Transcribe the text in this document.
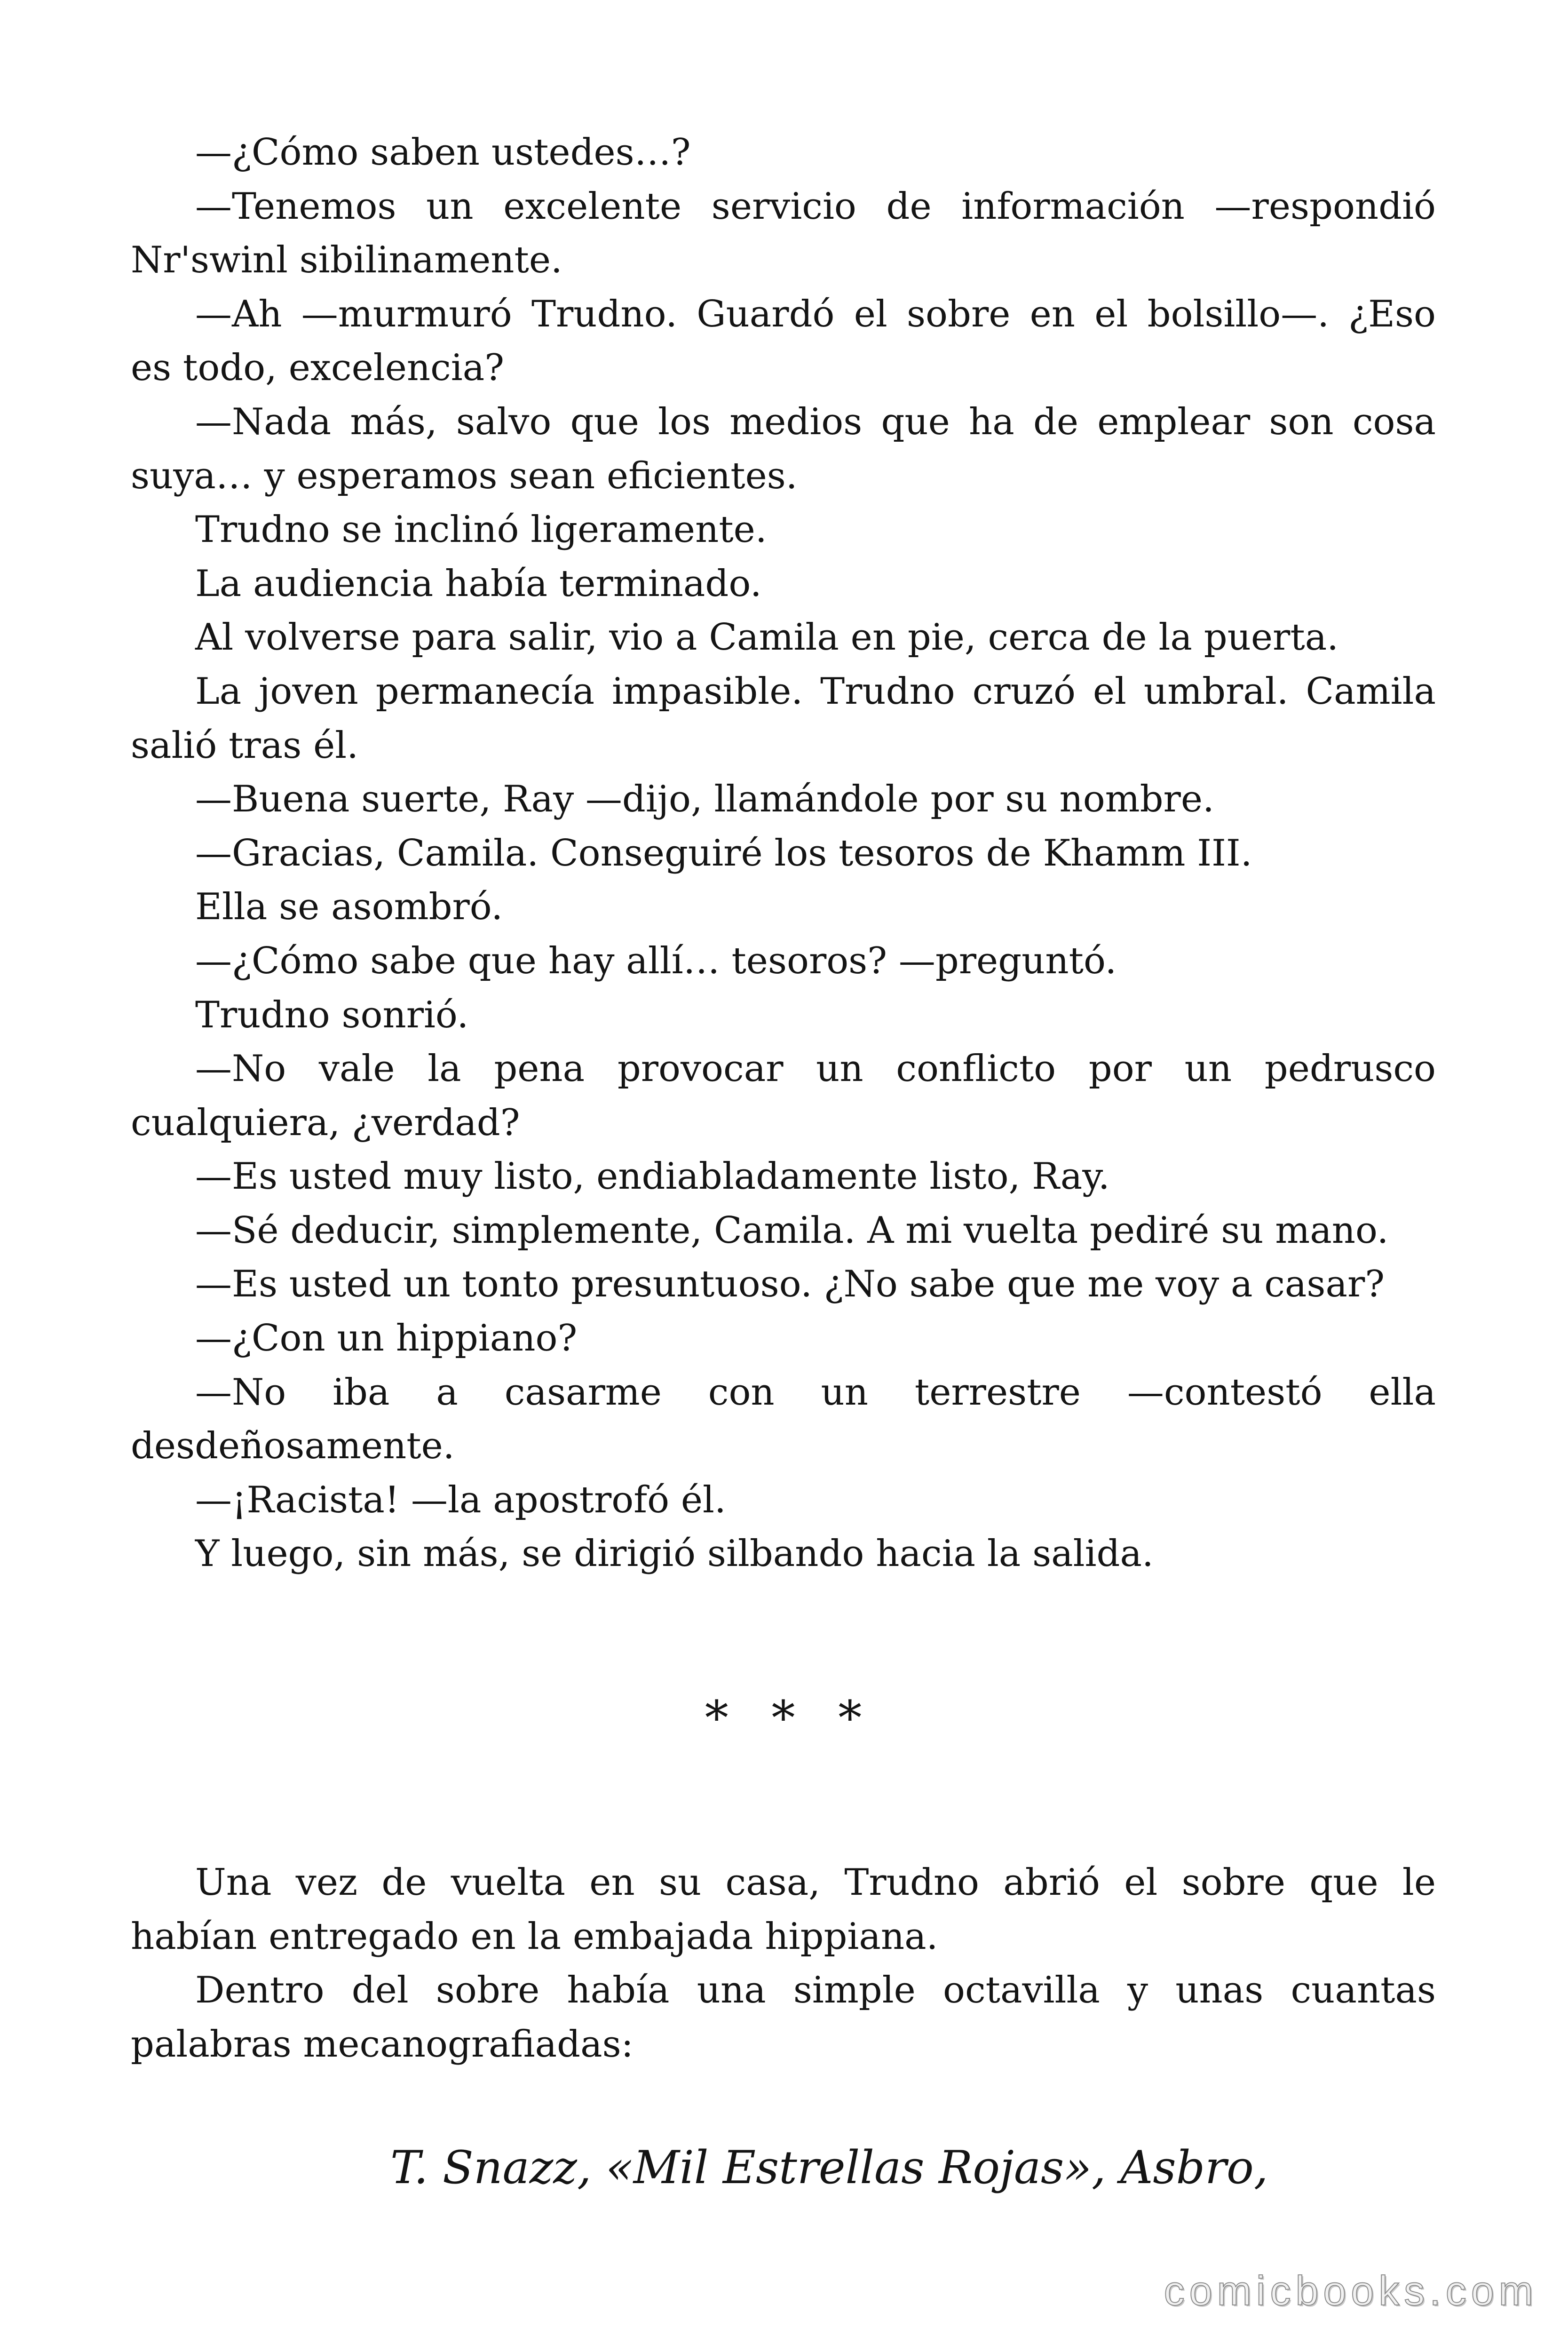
—¿Cómo saben ustedes…?
—Tenemos un excelente servicio de información —respondió
Nr'swinl sibilinamente.
—Ah —murmuró Trudno. Guardó el sobre en el bolsillo—. ¿Eso
es todo, excelencia?
—Nada más, salvo que los medios que ha de emplear son cosa
suya… y esperamos sean eficientes.
Trudno se inclinó ligeramente.
La audiencia había terminado.
Al volverse para salir, vio a Camila en pie, cerca de la puerta.
La joven permanecía impasible. Trudno cruzó el umbral. Camila
salió tras él.
—Buena suerte, Ray —dijo, llamándole por su nombre.
—Gracias, Camila. Conseguiré los tesoros de Khamm III.
Ella se asombró.
—¿Cómo sabe que hay allí… tesoros? —preguntó.
Trudno sonrió.
—No vale la pena provocar un conflicto por un pedrusco
cualquiera, ¿verdad?
—Es usted muy listo, endiabladamente listo, Ray.
—Sé deducir, simplemente, Camila. A mi vuelta pediré su mano.
—Es usted un tonto presuntuoso. ¿No sabe que me voy a casar?
—¿Con un hippiano?
—No iba a casarme con un terrestre —contestó ella
desdeñosamente.
—¡Racista! —la apostrofó él.
Y luego, sin más, se dirigió silbando hacia la salida.
* * *
Una vez de vuelta en su casa, Trudno abrió el sobre que le
habían entregado en la embajada hippiana.
Dentro del sobre había una simple octavilla y unas cuantas
palabras mecanografiadas:
T. Snazz, «Mil Estrellas Rojas», Asbro,
comicbooks.com
